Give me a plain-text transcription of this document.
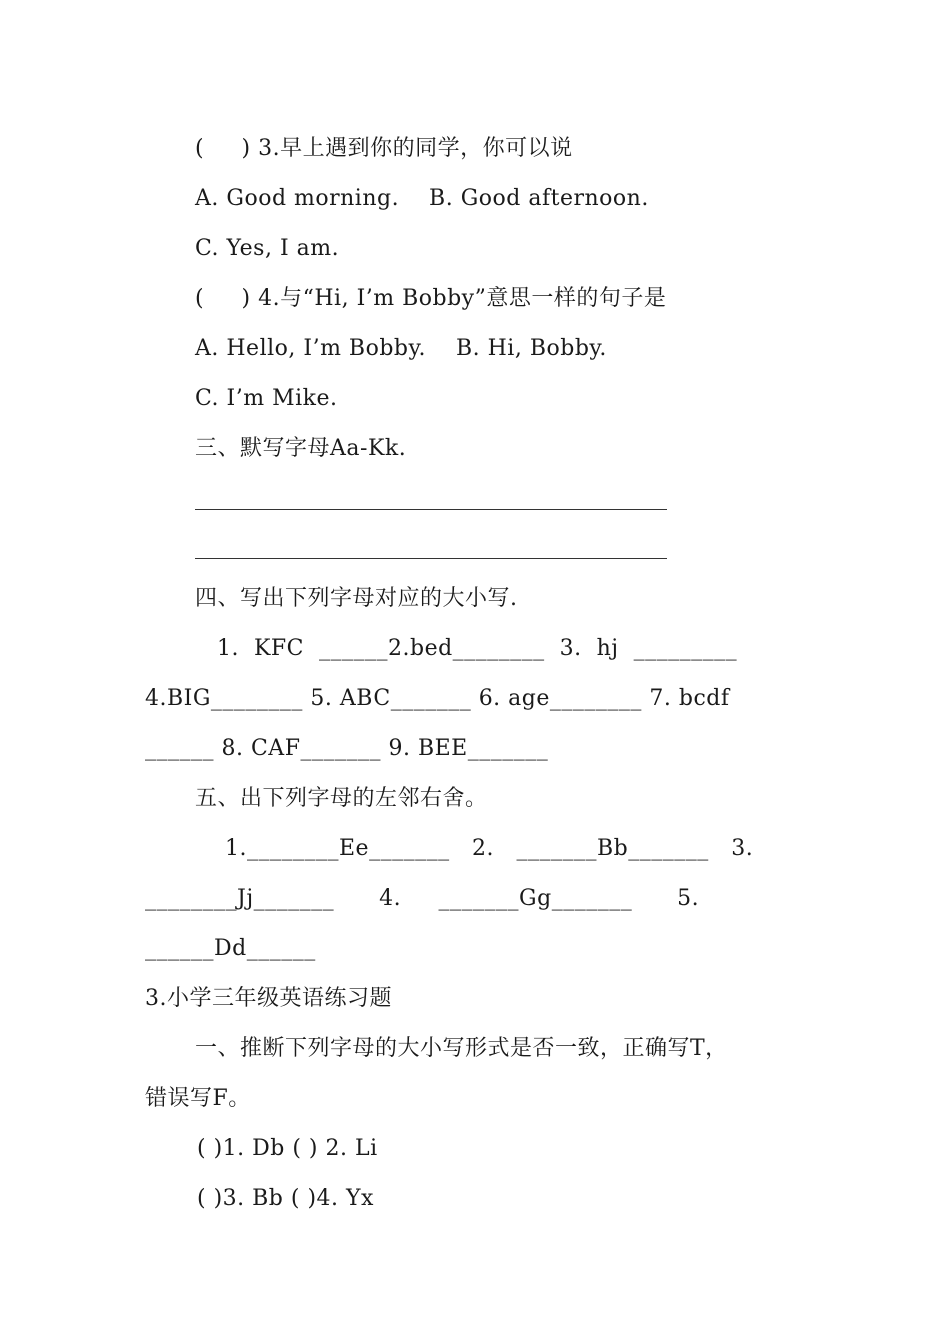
(     ) 3.早上遇到你的同学，你可以说
A. Good morning.    B. Good afternoon.
C. Yes, I am.
(     ) 4.与“Hi, I’m Bobby”意思一样的句子是
A. Hello, I’m Bobby.    B. Hi, Bobby.
C. I’m Mike.
三、默写字母Aa-Kk.
四、写出下列字母对应的大小写.
1.  KFC  ______2.bed________  3.  hj  _________
4.BIG________ 5. ABC_______ 6. age________ 7. bcdf
______ 8. CAF_______ 9. BEE_______
五、出下列字母的左邻右舍。
1.________Ee_______   2.   _______Bb_______   3.
________Jj_______      4.     _______Gg_______      5.
______Dd______
3.小学三年级英语练习题
一、推断下列字母的大小写形式是否一致，正确写T，
错误写F。
( )1. Db ( ) 2. Li
( )3. Bb ( )4. Yx
